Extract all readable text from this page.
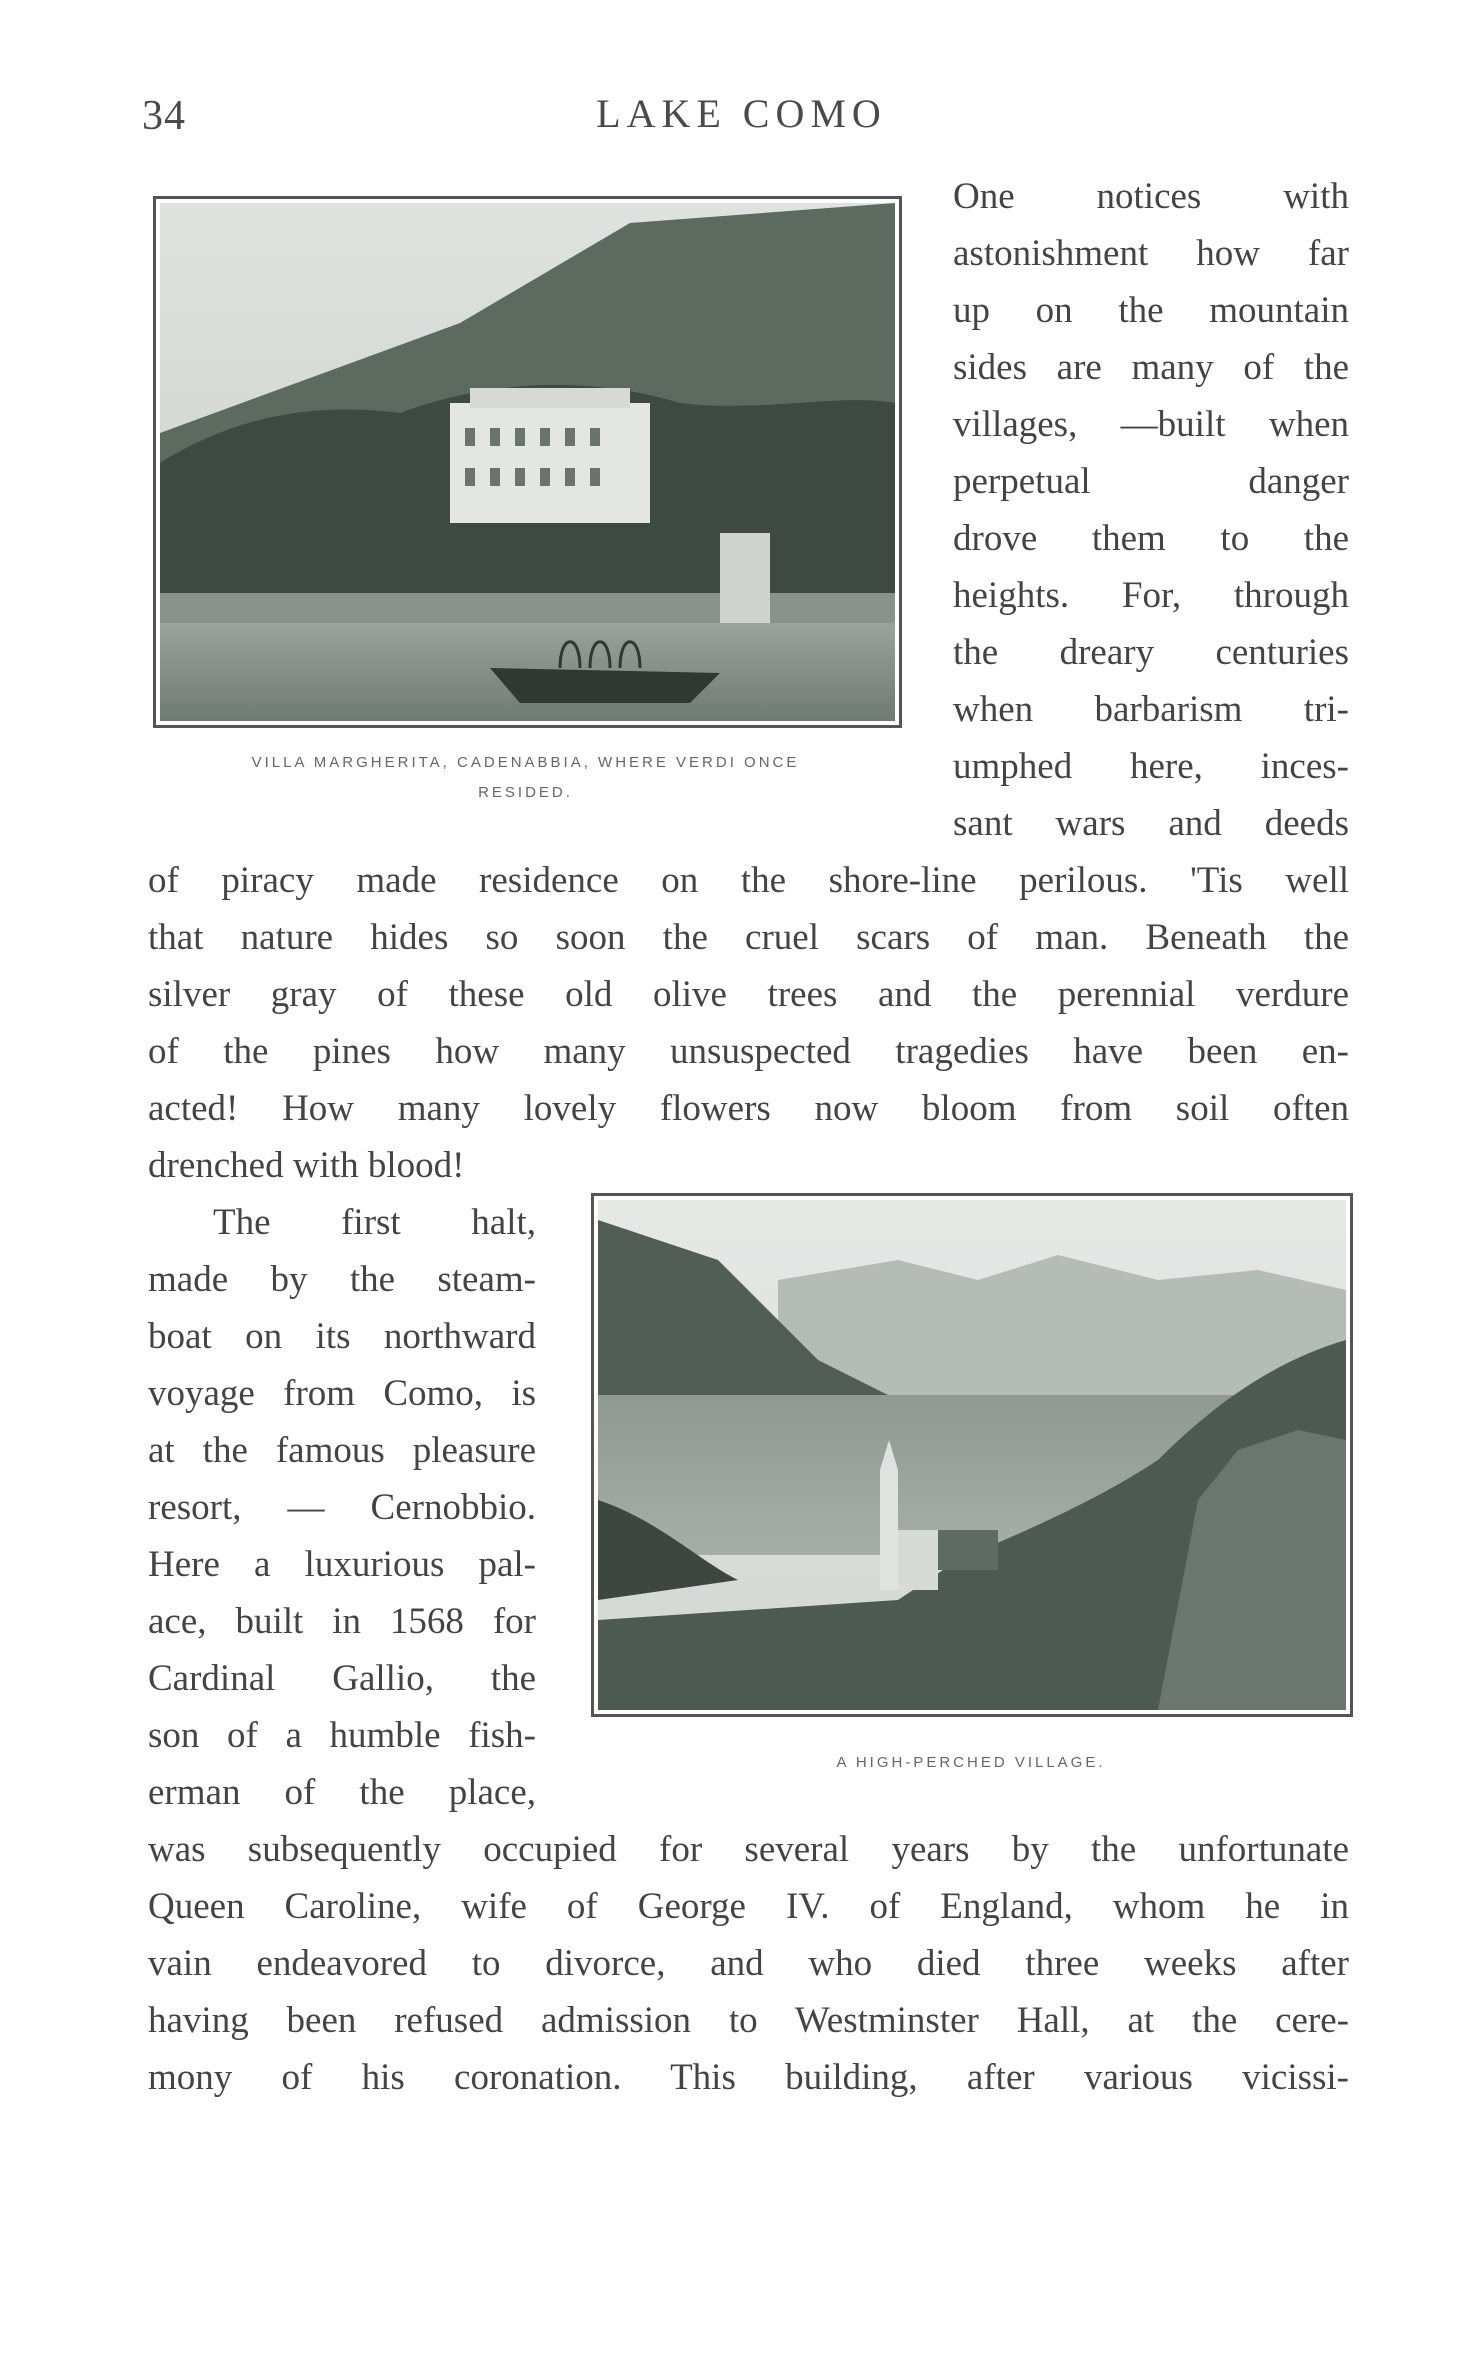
34	LAKE COMO
VILLA MARGHERITA, CADENABBIA, WHERE VERDI ONCE
RESIDED.
One notices with
astonishment how far
up on the mountain
sides are many of the
villages, —built when
perpetual danger
drove them to the
heights. For, through
the dreary centuries
when barbarism tri-
umphed here, inces-
sant wars and deeds
of piracy made residence on the shore-line perilous. 'Tis well
that nature hides so soon the cruel scars of man. Beneath the
silver gray of these old olive trees and the perennial verdure
of the pines how many unsuspected tragedies have been en-
acted! How many lovely flowers now bloom from soil often
drenched with blood!
A HIGH-PERCHED VILLAGE.
The first halt,
made by the steam-
boat on its northward
voyage from Como, is
at the famous pleasure
resort, — Cernobbio.
Here a luxurious pal-
ace, built in 1568 for
Cardinal Gallio, the
son of a humble fish-
erman of the place,
was subsequently occupied for several years by the unfortunate
Queen Caroline, wife of George IV. of England, whom he in
vain endeavored to divorce, and who died three weeks after
having been refused admission to Westminster Hall, at the cere-
mony of his coronation. This building, after various vicissi-
